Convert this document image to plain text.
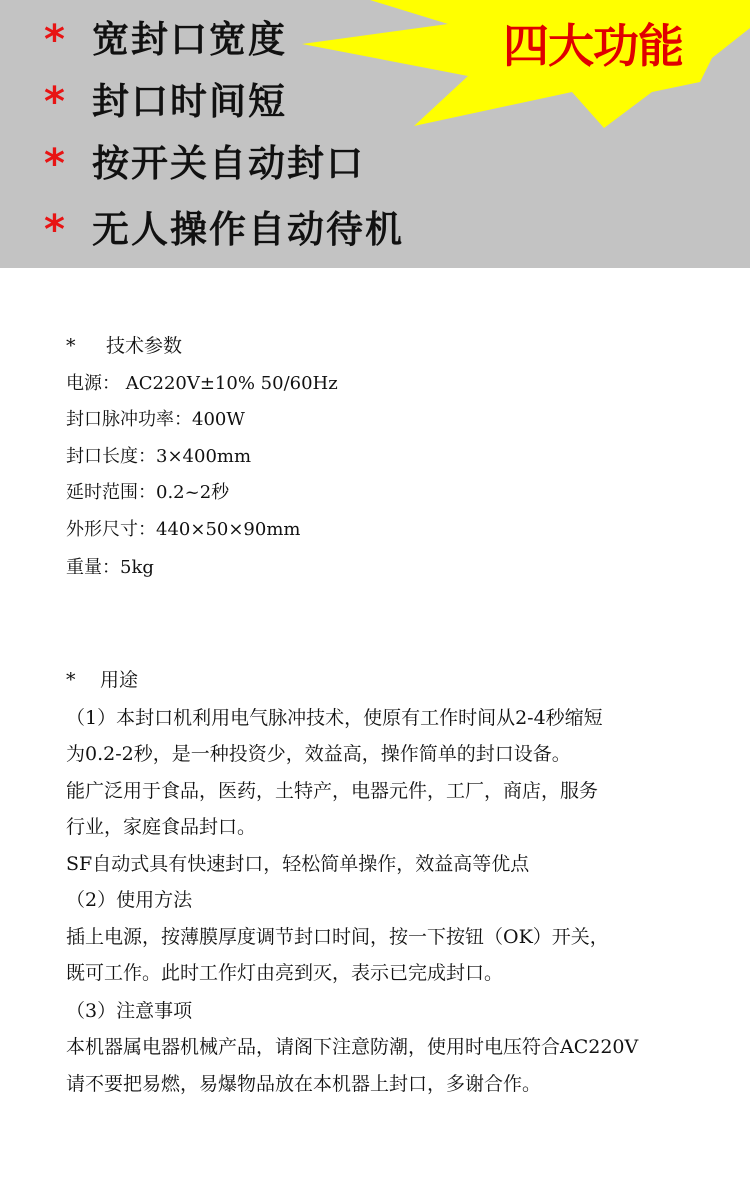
* 宽封口宽度
* 封口时间短
* 按开关自动封口
* 无人操作自动待机
四大功能
* 技术参数
电源： AC220V±10% 50/60Hz
封口脉冲功率：400W
封口长度：3×400mm
延时范围：0.2~2秒
外形尺寸：440×50×90mm
重量：5kg
* 用途
（1）本封口机利用电气脉冲技术，使原有工作时间从2-4秒缩短
为0.2-2秒，是一种投资少，效益高，操作简单的封口设备。
能广泛用于食品，医药，土特产，电器元件，工厂，商店，服务
行业，家庭食品封口。
SF自动式具有快速封口，轻松简单操作，效益高等优点
（2）使用方法
插上电源，按薄膜厚度调节封口时间，按一下按钮（OK）开关，
既可工作。此时工作灯由亮到灭，表示已完成封口。
（3）注意事项
本机器属电器机械产品，请阁下注意防潮，使用时电压符合AC220V
请不要把易燃，易爆物品放在本机器上封口，多谢合作。
